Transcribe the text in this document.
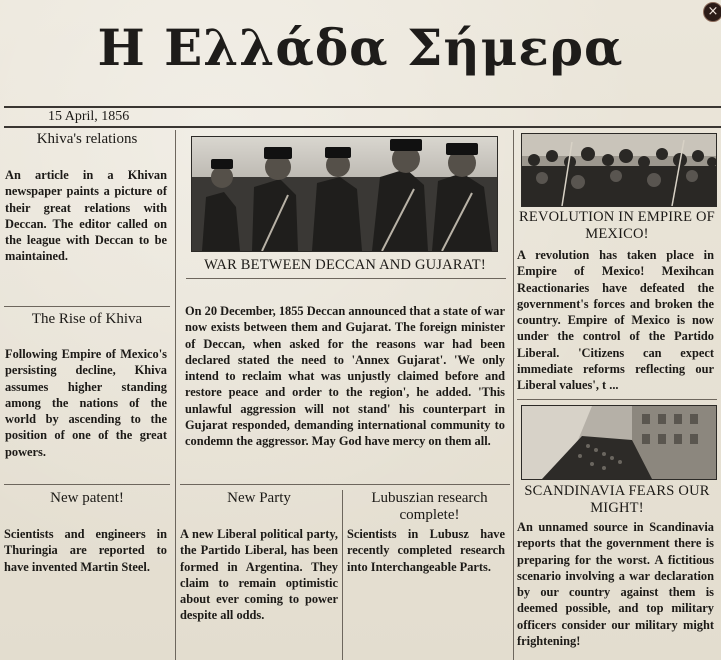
Η Ελλάδα Σήμερα
×
15 April, 1856
Khiva's relations
An article in a Khivan newspaper paints a picture of their great relations with Deccan. The editor called on the league with Deccan to be maintained.
The Rise of Khiva
Following Empire of Mexico's persisting decline, Khiva assumes higher standing among the nations of the world by ascending to the position of one of the great powers.
New patent!
Scientists and engineers in Thuringia are reported to have invented Martin Steel.
WAR BETWEEN DECCAN AND GUJARAT!
On 20 December, 1855 Deccan announced that a state of war now exists between them and Gujarat. The foreign minister of Deccan, when asked for the reasons war had been declared stated the need to 'Annex Gujarat'. 'We only intend to reclaim what was unjustly claimed before and restore peace and order to the region', he added. 'This unlawful aggression will not stand' his counterpart in Gujarat responded, demanding international community to condemn the aggressor. May God have mercy on them all.
New Party
A new Liberal political party, the Partido Liberal, has been formed in Argentina. They claim to remain optimistic about ever coming to power despite all odds.
Lubuszian research complete!
Scientists in Lubusz have recently completed research into Interchangeable Parts.
REVOLUTION IN EMPIRE OF MEXICO!
A revolution has taken place in Empire of Mexico! Mexihcan Reactionaries have defeated the government's forces and broken the country. Empire of Mexico is now under the control of the Partido Liberal. 'Citizens can expect immediate reforms reflecting our Liberal values', t ...
SCANDINAVIA FEARS OUR MIGHT!
An unnamed source in Scandinavia reports that the government there is preparing for the worst. A fictitious scenario involving a war declaration by our country against them is deemed possible, and top military officers consider our military might frightening!
